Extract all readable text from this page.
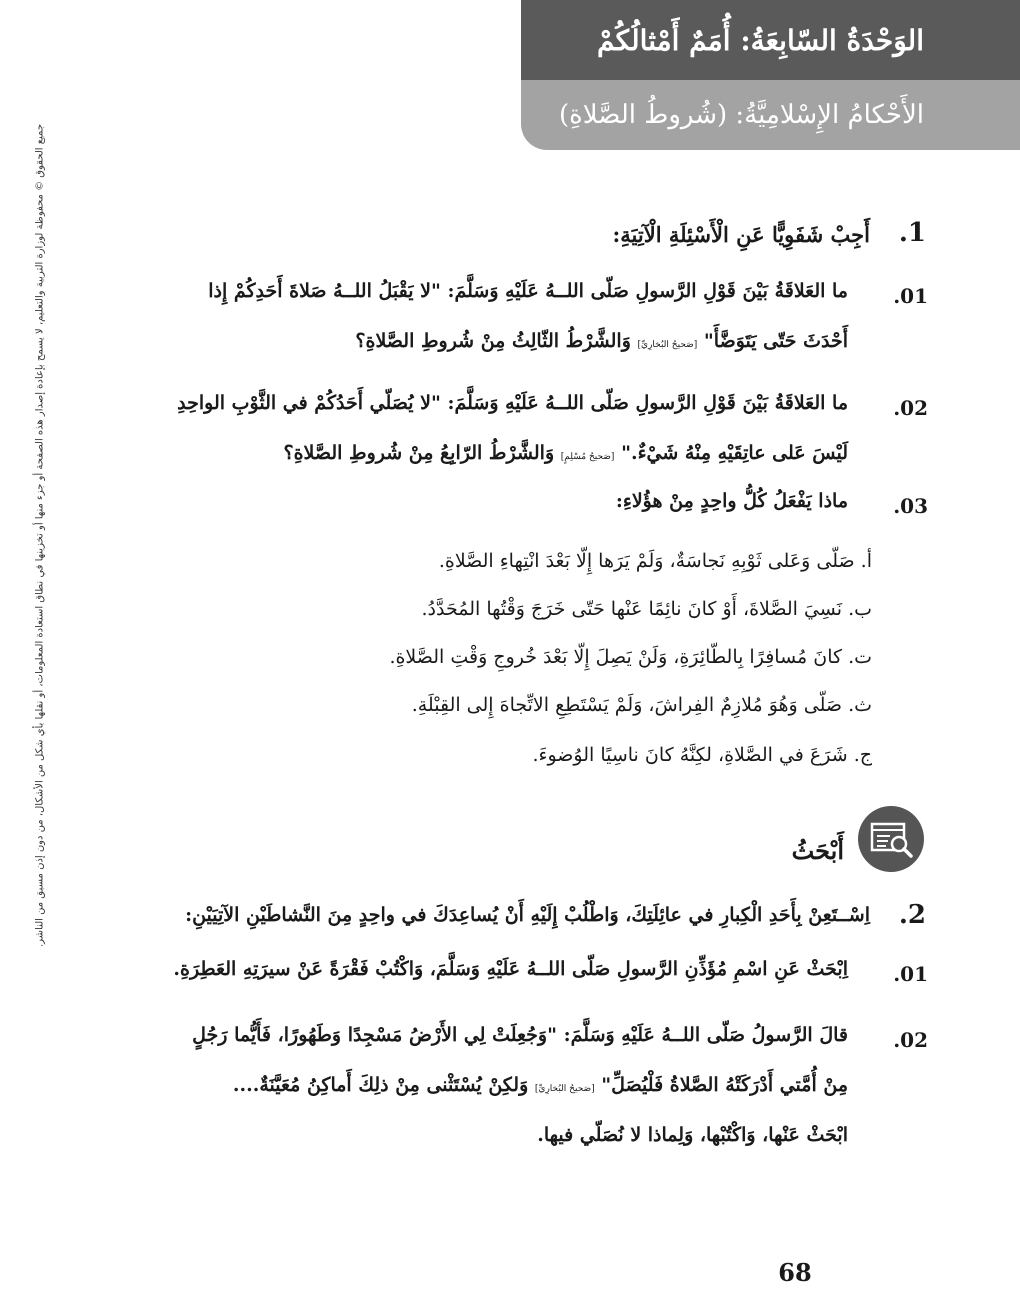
الوَحْدَةُ السّابِعَةُ: أُمَمٌ أَمْثالُكُمْ
الأَحْكامُ الإِسْلامِيَّةُ: (شُروطُ الصَّلاةِ)
جميع الحقوق © محفوظة لوزارة التربية والتعليم، لا يسمح بإعادة إصدار هذه الصفحة أو جزء منها أو تخزينها في نطاق استعادة المعلومات، أو نقلها بأي شكل من الأشكال، من دون إذن مسبق من الناشر.	.1
أَجِبْ شَفَوِيًّا عَنِ الْأَسْئِلَةِ الْآتِيَةِ:
.01
ما العَلاقَةُ بَيْنَ قَوْلِ الرَّسولِ صَلّى اللــهُ عَلَيْهِ وَسَلَّمَ: "لا يَقْبَلُ اللــهُ صَلاةَ أَحَدِكُمْ إِذا
أَحْدَثَ حَتّى يَتَوَضَّأَ" [صَحيحُ البُخارِيِّ] وَالشَّرْطُ الثّالِثُ مِنْ شُروطِ الصَّلاةِ؟
.02
ما العَلاقَةُ بَيْنَ قَوْلِ الرَّسولِ صَلّى اللــهُ عَلَيْهِ وَسَلَّمَ: "لا يُصَلّي أَحَدُكُمْ في الثَّوْبِ الواحِدِ
لَيْسَ عَلى عاتِقَيْهِ مِنْهُ شَيْءٌ." [صَحيحُ مُسْلِمٍ] وَالشَّرْطُ الرّابِعُ مِنْ شُروطِ الصَّلاةِ؟
.03
ماذا يَفْعَلُ كُلُّ واحِدٍ مِنْ هؤُلاءِ:
أ. صَلّى وَعَلى ثَوْبِهِ نَجاسَةٌ، وَلَمْ يَرَها إِلّا بَعْدَ انْتِهاءِ الصَّلاةِ.
ب. نَسِيَ الصَّلاةَ، أَوْ كانَ نائِمًا عَنْها حَتّى خَرَجَ وَقْتُها المُحَدَّدُ.
ت. كانَ مُسافِرًا بِالطّائِرَةِ، وَلَنْ يَصِلَ إِلّا بَعْدَ خُروجِ وَقْتِ الصَّلاةِ.
ث. صَلّى وَهُوَ مُلازِمٌ الفِراشَ، وَلَمْ يَسْتَطِعِ الاتِّجاهَ إِلى القِبْلَةِ.
ج. شَرَعَ في الصَّلاةِ، لكِنَّهُ كانَ ناسِيًا الوُضوءَ.
أَبْحَثُ
.2
اِسْــتَعِنْ بِأَحَدِ الْكِبارِ في عائِلَتِكَ، وَاطْلُبْ إِلَيْهِ أَنْ يُساعِدَكَ في واحِدٍ مِنَ النَّشاطَيْنِ الآتِيَيْنِ:
.01
اِبْحَثْ عَنِ اسْمِ مُؤَذِّنِ الرَّسولِ صَلّى اللــهُ عَلَيْهِ وَسَلَّمَ، وَاكْتُبْ فَقْرَةً عَنْ سيرَتِهِ العَطِرَةِ.
.02
قالَ الرَّسولُ صَلّى اللــهُ عَلَيْهِ وَسَلَّمَ: "وَجُعِلَتْ لِي الأَرْضُ مَسْجِدًا وَطَهُورًا، فَأَيُّما رَجُلٍ
مِنْ أُمَّتي أَدْرَكَتْهُ الصَّلاةُ فَلْيُصَلِّ" [صَحيحُ البُخارِيِّ] وَلكِنْ يُسْتَثْنى مِنْ ذلِكَ أَماكِنُ مُعَيَّنَةٌ....
ابْحَثْ عَنْها، وَاكْتُبْها، وَلِماذا لا نُصَلّي فيها.
68
